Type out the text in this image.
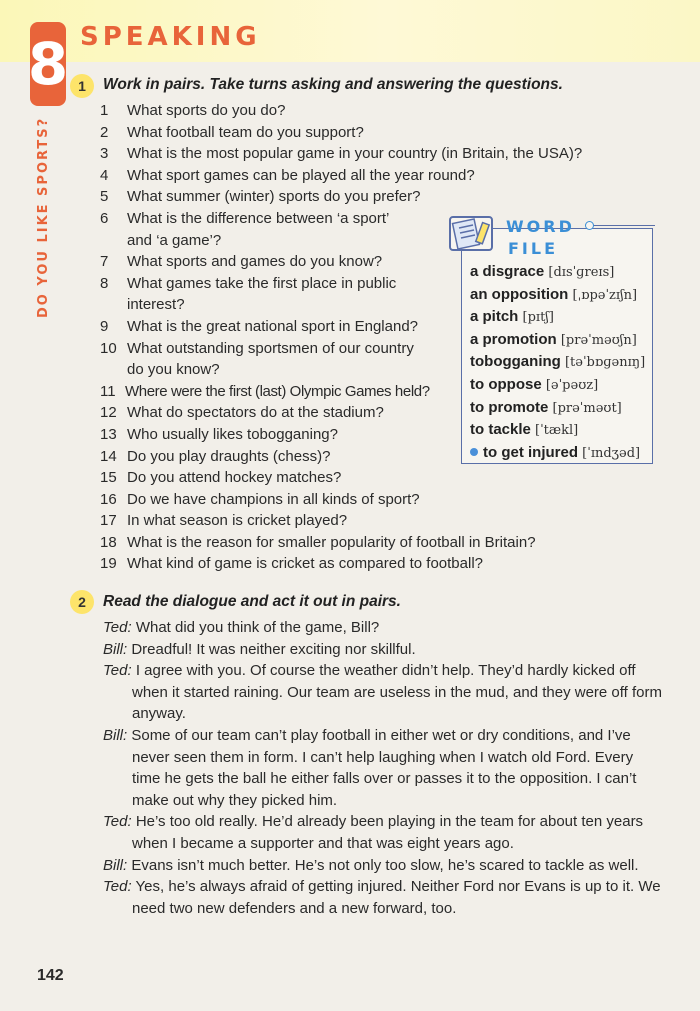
8 SPEAKING
DO YOU LIKE SPORTS?
1	Work in pairs. Take turns asking and answering the questions.
1	What sports do you do?
2	What football team do you support?
3	What is the most popular game in your country (in Britain, the USA)?
4	What sport games can be played all the year round?
5	What summer (winter) sports do you prefer?
6	What is the difference between ‘a sport’
and ‘a game’?
7	What sports and games do you know?
8	What games take the first place in public
interest?
9	What is the great national sport in England?
10 What outstanding sportsmen of our country
do you know?
11 Where were the first (last) Olympic Games held?
12 What do spectators do at the stadium?
13 Who usually likes tobogganing?
14 Do you play draughts (chess)?
15 Do you attend hockey matches?
16 Do we have champions in all kinds of sport?
17 In what season is cricket played?
18 What is the reason for smaller popularity of football in Britain?
19 What kind of game is cricket as compared to football?
a disgrace [dɪsˈɡreɪs]
an opposition [ˌɒpəˈzɪʃn]
a pitch [pɪtʃ]
a promotion [prəˈməʊʃn]
tobogganing [təˈbɒɡənɪŋ]
to oppose [əˈpəʊz]
to promote [prəˈməʊt]
to tackle [ˈtækl]
to get injured [ˈɪndʒəd]
WORD
FILE
2	Read the dialogue and act it out in pairs.
Ted: What did you think of the game, Bill?
Bill: Dreadful! It was neither exciting nor skillful.
Ted: I agree with you. Of course the weather didn’t help. They’d hardly kicked off when it started raining. Our team are useless in the mud, and they were off form anyway.
Bill: Some of our team can’t play football in either wet or dry conditions, and I’ve never seen them in form. I can’t help laughing when I watch old Ford. Every time he gets the ball he either falls over or passes it to the opposition. I can’t make out why they picked him.
Ted: He’s too old really. He’d already been playing in the team for about ten years when I became a supporter and that was eight years ago.
Bill: Evans isn’t much better. He’s not only too slow, he’s scared to tackle as well.
Ted: Yes, he’s always afraid of getting injured. Neither Ford nor Evans is up to it. We need two new defenders and a new forward, too.
142
